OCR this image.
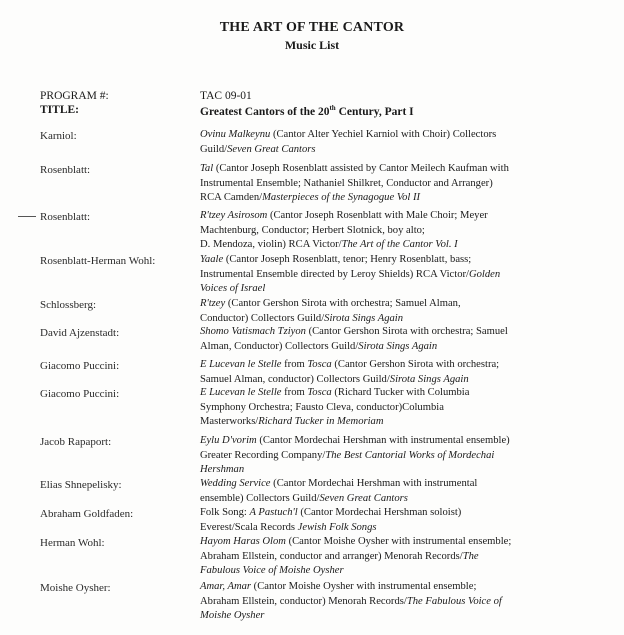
THE ART OF THE CANTOR
Music List
PROGRAM #:	TAC 09-01
TITLE:	Greatest Cantors of the 20th Century, Part I
Karniol:	Ovinu Malkeynu (Cantor Alter Yechiel Karniol with Choir) Collectors
Guild/Seven Great Cantors
Rosenblatt:	Tal (Cantor Joseph Rosenblatt assisted by Cantor Meilech Kaufman with
Instrumental Ensemble; Nathaniel Shilkret, Conductor and Arranger)
RCA Camden/Masterpieces of the Synagogue Vol II
Rosenblatt:	R'tzey Asirosom (Cantor Joseph Rosenblatt with Male Choir; Meyer
Machtenburg, Conductor; Herbert Slotnick, boy alto;
D. Mendoza, violin) RCA Victor/The Art of the Cantor Vol. I
Rosenblatt-Herman Wohl:	Yaale (Cantor Joseph Rosenblatt, tenor; Henry Rosenblatt, bass;
Instrumental Ensemble directed by Leroy Shields) RCA Victor/Golden
Voices of Israel
Schlossberg:	R'tzey (Cantor Gershon Sirota with orchestra; Samuel Alman,
Conductor) Collectors Guild/Sirota Sings Again
David Ajzenstadt:	Shomo Vatismach Tziyon (Cantor Gershon Sirota with orchestra; Samuel
Alman, Conductor) Collectors Guild/Sirota Sings Again
Giacomo Puccini:	E Lucevan le Stelle from Tosca (Cantor Gershon Sirota with orchestra;
Samuel Alman, conductor) Collectors Guild/Sirota Sings Again
Giacomo Puccini:	E Lucevan le Stelle from Tosca (Richard Tucker with Columbia
Symphony Orchestra; Fausto Cleva, conductor)Columbia
Masterworks/Richard Tucker in Memoriam
Jacob Rapaport:	Eylu D'vorim (Cantor Mordechai Hershman with instrumental ensemble)
Greater Recording Company/The Best Cantorial Works of Mordechai
Hershman
Elias Shnepelisky:	Wedding Service (Cantor Mordechai Hershman with instrumental
ensemble) Collectors Guild/Seven Great Cantors
Abraham Goldfaden:	Folk Song: A Pastuch'l (Cantor Mordechai Hershman soloist)
Everest/Scala Records Jewish Folk Songs
Herman Wohl:	Hayom Haras Olom (Cantor Moishe Oysher with instrumental ensemble;
Abraham Ellstein, conductor and arranger) Menorah Records/The
Fabulous Voice of Moishe Oysher
Moishe Oysher:	Amar, Amar (Cantor Moishe Oysher with instrumental ensemble;
Abraham Ellstein, conductor) Menorah Records/The Fabulous Voice of
Moishe Oysher
